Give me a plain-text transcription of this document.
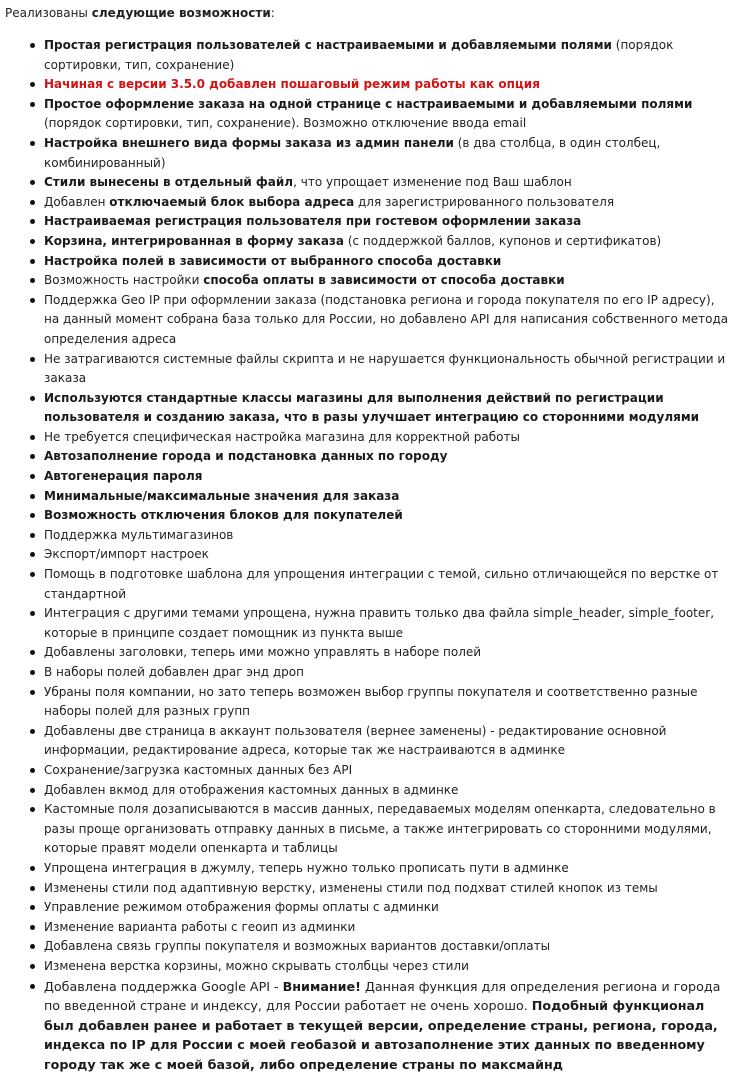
Реализованы следующие возможности:
Простая регистрация пользователей с настраиваемыми и добавляемыми полями (порядок сортировки, тип, сохранение)
Начиная с версии 3.5.0 добавлен пошаговый режим работы как опция
Простое оформление заказа на одной странице с настраиваемыми и добавляемыми полями (порядок сортировки, тип, сохранение). Возможно отключение ввода email
Настройка внешнего вида формы заказа из админ панели (в два столбца, в один столбец, комбинированный)
Стили вынесены в отдельный файл, что упрощает изменение под Ваш шаблон
Добавлен отключаемый блок выбора адреса для зарегистрированного пользователя
Настраиваемая регистрация пользователя при гостевом оформлении заказа
Корзина, интегрированная в форму заказа (с поддержкой баллов, купонов и сертификатов)
Настройка полей в зависимости от выбранного способа доставки
Возможность настройки способа оплаты в зависимости от способа доставки
Поддержка Geo IP при оформлении заказа (подстановка региона и города покупателя по его IP адресу), на данный момент собрана база только для России, но добавлено API для написания собственного метода определения адреса
Не затрагиваются системные файлы скрипта и не нарушается функциональность обычной регистрации и заказа
Используются стандартные классы магазины для выполнения действий по регистрации пользователя и созданию заказа, что в разы улучшает интеграцию со сторонними модулями
Не требуется специфическая настройка магазина для корректной работы
Автозаполнение города и подстановка данных по городу
Автогенерация пароля
Минимальные/максимальные значения для заказа
Возможность отключения блоков для покупателей
Поддержка мультимагазинов
Экспорт/импорт настроек
Помощь в подготовке шаблона для упрощения интеграции с темой, сильно отличающейся по верстке от стандартной
Интеграция с другими темами упрощена, нужна править только два файла simple_header, simple_footer, которые в принципе создает помощник из пункта выше
Добавлены заголовки, теперь ими можно управлять в наборе полей
В наборы полей добавлен драг энд дроп
Убраны поля компании, но зато теперь возможен выбор группы покупателя и соответственно разные наборы полей для разных групп
Добавлены две страница в аккаунт пользователя (вернее заменены) - редактирование основной информации, редактирование адреса, которые так же настраиваются в админке
Сохранение/загрузка кастомных данных без API
Добавлен вкмод для отображения кастомных данных в админке
Кастомные поля дозаписываются в массив данных, передаваемых моделям опенкарта, следовательно в разы проще организовать отправку данных в письме, а также интегрировать со сторонними модулями, которые правят модели опенкарта и таблицы
Упрощена интеграция в джумлу, теперь нужно только прописать пути в админке
Изменены стили под адаптивную верстку, изменены стили под подхват стилей кнопок из темы
Управление режимом отображения формы оплаты с админки
Изменение варианта работы с геоип из админки
Добавлена связь группы покупателя и возможных вариантов доставки/оплаты
Изменена верстка корзины, можно скрывать столбцы через стили
Добавлена поддержка Google API - Внимание! Данная функция для определения региона и города по введенной стране и индексу, для России работает не очень хорошо. Подобный функционал был добавлен ранее и работает в текущей версии, определение страны, региона, города, индекса по IP для России с моей геобазой и автозаполнение этих данных по введенному городу так же с моей базой, либо определение страны по максмайнд
